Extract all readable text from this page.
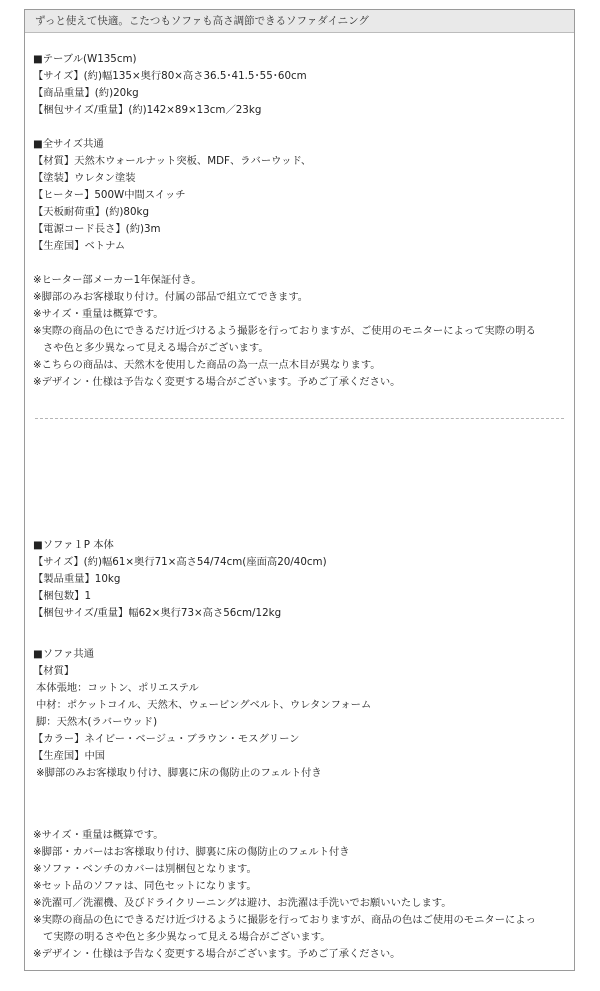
ずっと使えて快適。こたつもソファも高さ調節できるソファダイニング
■テーブル(W135cm)
【サイズ】(約)幅135×奥行80×高さ36.5･41.5･55･60cm
【商品重量】(約)20kg
【梱包サイズ/重量】(約)142×89×13cm／23kg
■全サイズ共通
【材質】天然木ウォールナット突板、MDF、ラバーウッド、
【塗装】ウレタン塗装
【ヒーター】500W中間スイッチ
【天板耐荷重】(約)80kg
【電源コード長さ】(約)3m
【生産国】ベトナム
※ヒーター部メーカー1年保証付き。
※脚部のみお客様取り付け。付属の部品で組立てできます。
※サイズ・重量は概算です。
※実際の商品の色にできるだけ近づけるよう撮影を行っておりますが、ご使用のモニターによって実際の明る
さや色と多少異なって見える場合がございます。
※こちらの商品は、天然木を使用した商品の為一点一点木目が異なります。
※デザイン・仕様は予告なく変更する場合がございます。予めご了承ください。
■ソファ１P 本体
【サイズ】(約)幅61×奥行71×高さ54/74cm(座面高20/40cm)
【製品重量】10kg
【梱包数】1
【梱包サイズ/重量】幅62×奥行73×高さ56cm/12kg
■ソファ共通
【材質】
本体張地：コットン、ポリエステル
中材：ポケットコイル、天然木、ウェービングベルト、ウレタンフォーム
脚：天然木(ラバーウッド)
【カラー】ネイビー・ベージュ・ブラウン・モスグリーン
【生産国】中国
※脚部のみお客様取り付け、脚裏に床の傷防止のフェルト付き
※サイズ・重量は概算です。
※脚部・カバーはお客様取り付け、脚裏に床の傷防止のフェルト付き
※ソファ・ベンチのカバーは別梱包となります。
※セット品のソファは、同色セットになります。
※洗濯可／洗濯機、及びドライクリーニングは避け、お洗濯は手洗いでお願いいたします。
※実際の商品の色にできるだけ近づけるように撮影を行っておりますが、商品の色はご使用のモニターによっ
て実際の明るさや色と多少異なって見える場合がございます。
※デザイン・仕様は予告なく変更する場合がございます。予めご了承ください。
